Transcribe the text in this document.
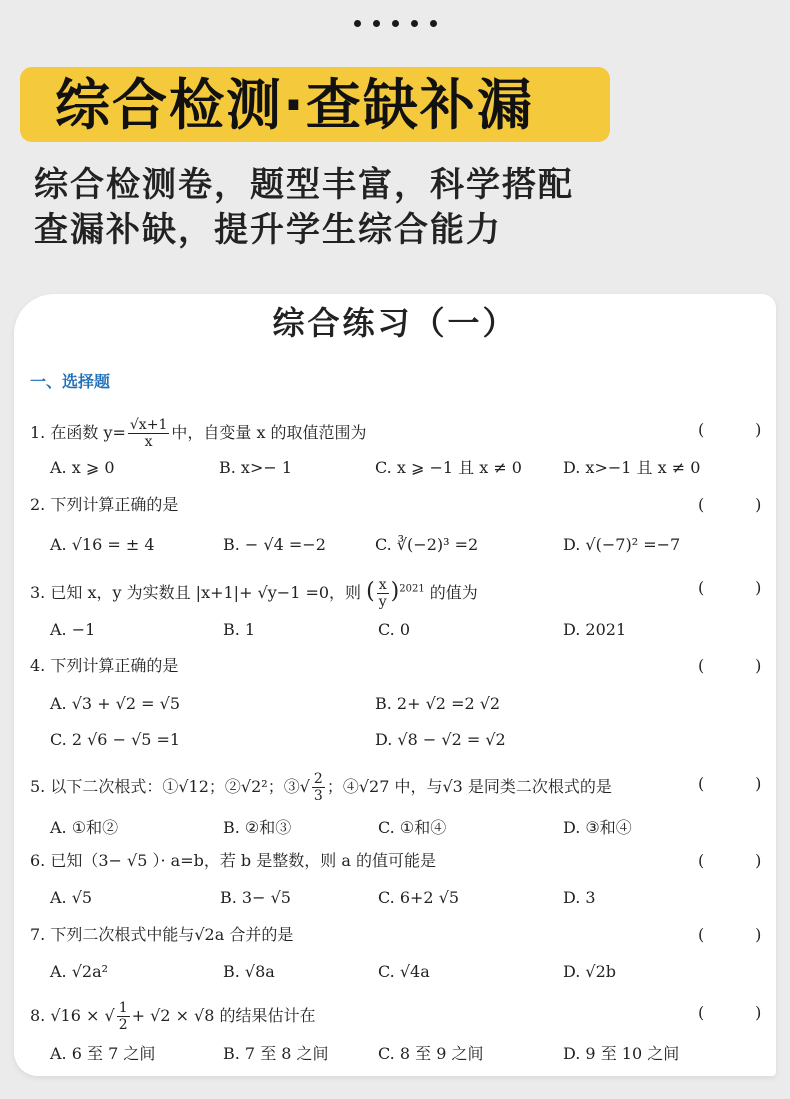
综合检测·查缺补漏
综合检测卷，题型丰富，科学搭配
查漏补缺，提升学生综合能力
综合练习（一）
一、选择题
1. 在函数 $y= \frac{√x+1}{x}$ 中，自变量 x 的取值范围为	(          )
A. x ⩾ 0	B. x>− 1	C. x ⩾ −1 且 x ≠ 0	D. x>−1 且 x ≠ 0
2. 下列计算正确的是	(          )
A. √16 = ± 4	B. − √4 =−2	C. ∛(−2)³ =2	D. √(−7)² =−7
3. 已知 x，y 为实数且 |x+1|+ √y−1 =0，则 ( $\frac{x}{y} )^{2021}$ 的值为	(          )
A. −1	B. 1	C. 0	D. 2021
4. 下列计算正确的是	(          )
A. √3 + √2 = √5	B. 2+ √2 =2 √2
C. 2 √6 − √5 =1	D. √8 − √2 = √2
5. 以下二次根式：①√12；②√2²；③√ $\frac{2}{3}$ ；④√27 中，与√3 是同类二次根式的是	(          )
A. ①和②	B. ②和③	C. ①和④	D. ③和④
6. 已知（3− √5 ）· a=b，若 b 是整数，则 a 的值可能是	(          )
A. √5	B. 3− √5	C. 6+2 √5	D. 3
7. 下列二次根式中能与√2a 合并的是	(          )
A. √2a²	B. √8a	C. √4a	D. √2b
8. √16 × √ $\frac{1}{2} + √2 \times √8$ 的结果估计在	(          )
A. 6 至 7 之间	B. 7 至 8 之间	C. 8 至 9 之间	D. 9 至 10 之间
